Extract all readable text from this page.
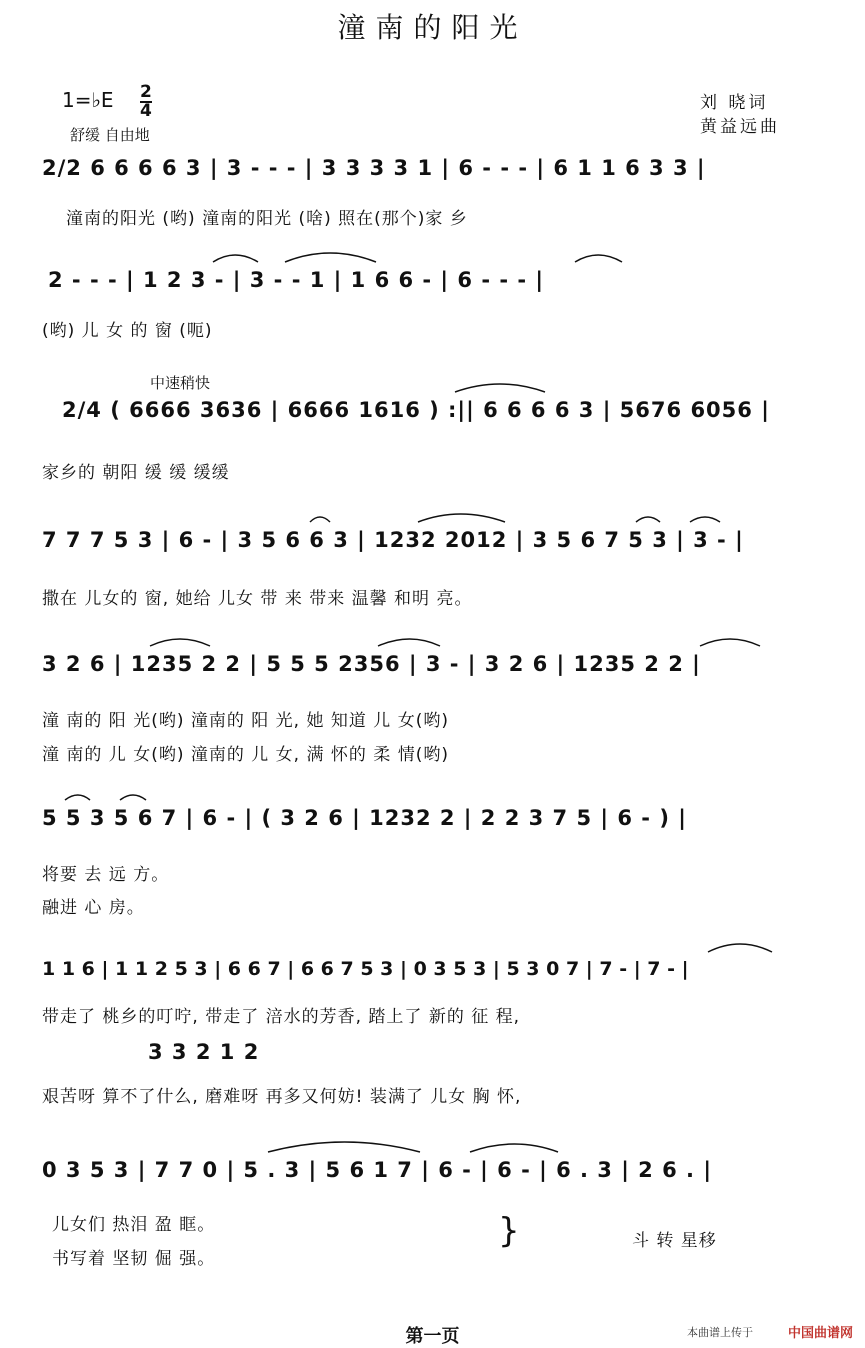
潼南的阳光
1=♭E 2
4	刘 晓词
黄益远曲
舒缓 自由地
中速稍快
2/2 6 6 6 6 3 | 3 - - - | 3 3 3 3 1 | 6 - - - | 6 1 1 6 3 3 |
潼南的阳光 (哟) 潼南的阳光 (啥) 照在(那个)家 乡
2 - - - | 1 2 3 - | 3 - - 1 | 1 6 6 - | 6 - - - |
(哟) 儿 女 的 窗 (呃)
2/4 ( 6666 3636 | 6666 1616 ) :|| 6 6 6 6 3 | 5676 6056 |
家乡的 朝阳 缓 缓 缓缓
7 7 7 5 3 | 6 - | 3 5 6 6 3 | 1232 2012 | 3 5 6 7 5 3 | 3 - |
撒在 儿女的 窗, 她给 儿女 带 来 带来 温馨 和明 亮。
3 2 6 | 1235 2 2 | 5 5 5 2356 | 3 - | 3 2 6 | 1235 2 2 |
潼 南的 阳 光(哟) 潼南的 阳 光, 她 知道 儿 女(哟)
潼 南的 儿 女(哟) 潼南的 儿 女, 满 怀的 柔 情(哟)
5 5 3 5 6 7 | 6 - | ( 3 2 6 | 1232 2 | 2 2 3 7 5 | 6 - ) |
将要 去 远 方。
融进 心 房。
1 1 6 | 1 1 2 5 3 | 6 6 7 | 6 6 7 5 3 | 0 3 5 3 | 5 3 0 7 | 7 - | 7 - |
带走了 桃乡的叮咛, 带走了 涪水的芳香, 踏上了 新的 征 程,
3 3 2 1 2
艰苦呀 算不了什么, 磨难呀 再多又何妨! 装满了 儿女 胸 怀,
0 3 5 3 | 7 7 0 | 5 . 3 | 5 6 1 7 | 6 - | 6 - | 6 . 3 | 2 6 . |
儿女们 热泪 盈 眶。
书写着 坚韧 倔 强。
}	斗 转 星移
第一页	本曲谱上传于	中国曲谱网
